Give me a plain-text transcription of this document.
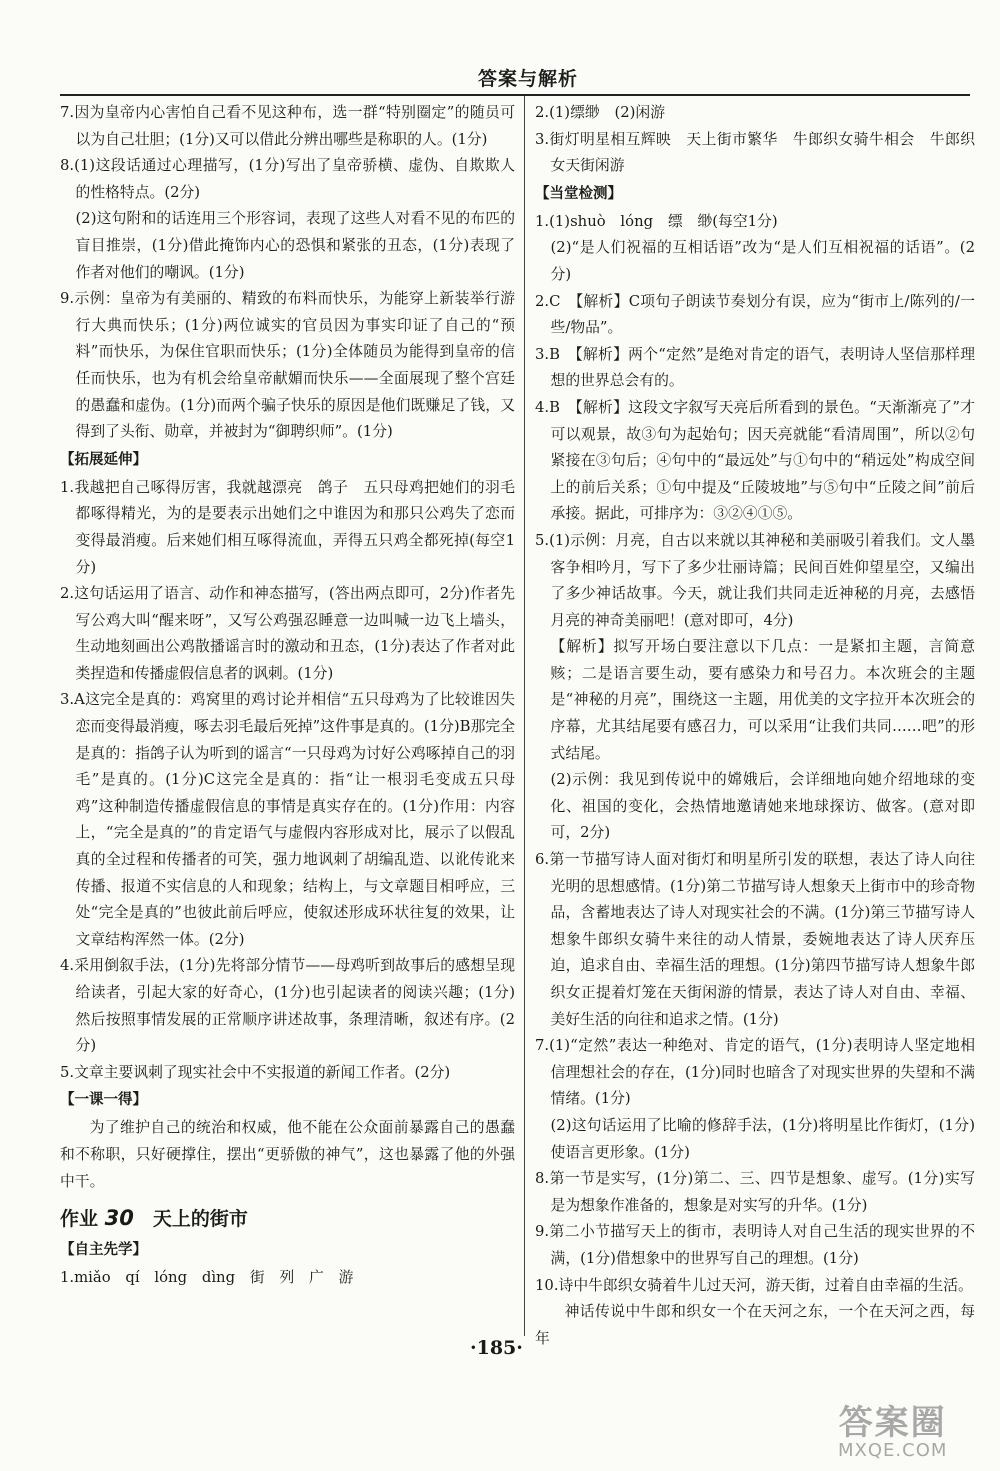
答案与解析

7.因为皇帝内心害怕自己看不见这种布，选一群“特别圈定”的随员可以为自己壮胆；(1分)又可以借此分辨出哪些是称职的人。(1分)

8.(1)这段话通过心理描写，(1分)写出了皇帝骄横、虚伪、自欺欺人的性格特点。(2分)

(2)这句附和的话连用三个形容词，表现了这些人对看不见的布匹的盲目推崇，(1分)借此掩饰内心的恐惧和紧张的丑态，(1分)表现了作者对他们的嘲讽。(1分)

9.示例：皇帝为有美丽的、精致的布料而快乐，为能穿上新装举行游行大典而快乐；(1分)两位诚实的官员因为事实印证了自己的“预料”而快乐，为保住官职而快乐；(1分)全体随员为能得到皇帝的信任而快乐，也为有机会给皇帝献媚而快乐——全面展现了整个宫廷的愚蠢和虚伪。(1分)而两个骗子快乐的原因是他们既赚足了钱，又得到了头衔、勋章，并被封为“御聘织师”。(1分)

【拓展延伸】

1.我越把自己啄得厉害，我就越漂亮　鸽子　五只母鸡把她们的羽毛都啄得精光，为的是要表示出她们之中谁因为和那只公鸡失了恋而变得最消瘦。后来她们相互啄得流血，弄得五只鸡全都死掉(每空1分)

2.这句话运用了语言、动作和神态描写，(答出两点即可，2分)作者先写公鸡大叫“醒来呀”，又写公鸡强忍睡意一边叫喊一边飞上墙头，生动地刻画出公鸡散播谣言时的激动和丑态，(1分)表达了作者对此类捏造和传播虚假信息者的讽刺。(1分)

3.A这完全是真的：鸡窝里的鸡讨论并相信“五只母鸡为了比较谁因失恋而变得最消瘦，啄去羽毛最后死掉”这件事是真的。(1分)B那完全是真的：指鸽子认为听到的谣言“一只母鸡为讨好公鸡啄掉自己的羽毛”是真的。(1分)C这完全是真的：指“让一根羽毛变成五只母鸡”这种制造传播虚假信息的事情是真实存在的。(1分)作用：内容上，“完全是真的”的肯定语气与虚假内容形成对比，展示了以假乱真的全过程和传播者的可笑，强力地讽刺了胡编乱造、以讹传讹来传播、报道不实信息的人和现象；结构上，与文章题目相呼应，三处“完全是真的”也彼此前后呼应，使叙述形成环状往复的效果，让文章结构浑然一体。(2分)

4.采用倒叙手法，(1分)先将部分情节——母鸡听到故事后的感想呈现给读者，引起大家的好奇心，(1分)也引起读者的阅读兴趣；(1分)然后按照事情发展的正常顺序讲述故事，条理清晰，叙述有序。(2分)

5.文章主要讽刺了现实社会中不实报道的新闻工作者。(2分)

【一课一得】

为了维护自己的统治和权威，他不能在公众面前暴露自己的愚蠢和不称职，只好硬撑住，摆出“更骄傲的神气”，这也暴露了他的外强中干。

作业 30　 天上的街市
【自主先学】

1.miǎo　qí　lóng　dìng　街　列　广　游

2.(1)缥缈　(2)闲游

3.街灯明星相互辉映　天上街市繁华　牛郎织女骑牛相会　牛郎织女天街闲游

【当堂检测】

1.(1)shuò　lóng　缥　缈(每空1分)

(2)“是人们祝福的互相话语”改为“是人们互相祝福的话语”。(2分)

2.C　【解析】C项句子朗读节奏划分有误，应为“街市上/陈列的/一些/物品”。

3.B　【解析】两个“定然”是绝对肯定的语气，表明诗人坚信那样理想的世界总会有的。

4.B　【解析】这段文字叙写天亮后所看到的景色。“天渐渐亮了”才可以观景，故③句为起始句；因天亮就能“看清周围”，所以②句紧接在③句后；④句中的“最远处”与①句中的“稍远处”构成空间上的前后关系；①句中提及“丘陵坡地”与⑤句中“丘陵之间”前后承接。据此，可排序为：③②④①⑤。

5.(1)示例：月亮，自古以来就以其神秘和美丽吸引着我们。文人墨客争相吟月，写下了多少壮丽诗篇；民间百姓仰望星空，又编出了多少神话故事。今天，就让我们共同走近神秘的月亮，去感悟月亮的神奇美丽吧！(意对即可，4分)

【解析】拟写开场白要注意以下几点：一是紧扣主题，言简意赅；二是语言要生动，要有感染力和号召力。本次班会的主题是“神秘的月亮”，围绕这一主题，用优美的文字拉开本次班会的序幕，尤其结尾要有感召力，可以采用“让我们共同……吧”的形式结尾。

(2)示例：我见到传说中的嫦娥后，会详细地向她介绍地球的变化、祖国的变化，会热情地邀请她来地球探访、做客。(意对即可，2分)

6.第一节描写诗人面对街灯和明星所引发的联想，表达了诗人向往光明的思想感情。(1分)第二节描写诗人想象天上街市中的珍奇物品，含蓄地表达了诗人对现实社会的不满。(1分)第三节描写诗人想象牛郎织女骑牛来往的动人情景，委婉地表达了诗人厌弃压迫，追求自由、幸福生活的理想。(1分)第四节描写诗人想象牛郎织女正提着灯笼在天街闲游的情景，表达了诗人对自由、幸福、美好生活的向往和追求之情。(1分)

7.(1)“定然”表达一种绝对、肯定的语气，(1分)表明诗人坚定地相信理想社会的存在，(1分)同时也暗含了对现实世界的失望和不满情绪。(1分)

(2)这句话运用了比喻的修辞手法，(1分)将明星比作街灯，(1分)使语言更形象。(1分)

8.第一节是实写，(1分)第二、三、四节是想象、虚写。(1分)实写是为想象作准备的，想象是对实写的升华。(1分)

9.第二小节描写天上的街市，表明诗人对自己生活的现实世界的不满，(1分)借想象中的世界写自己的理想。(1分)

10.诗中牛郎织女骑着牛儿过天河，游天街，过着自由幸福的生活。

神话传说中牛郎和织女一个在天河之东，一个在天河之西，每年

·185·
答案圈
MXQE.COM
